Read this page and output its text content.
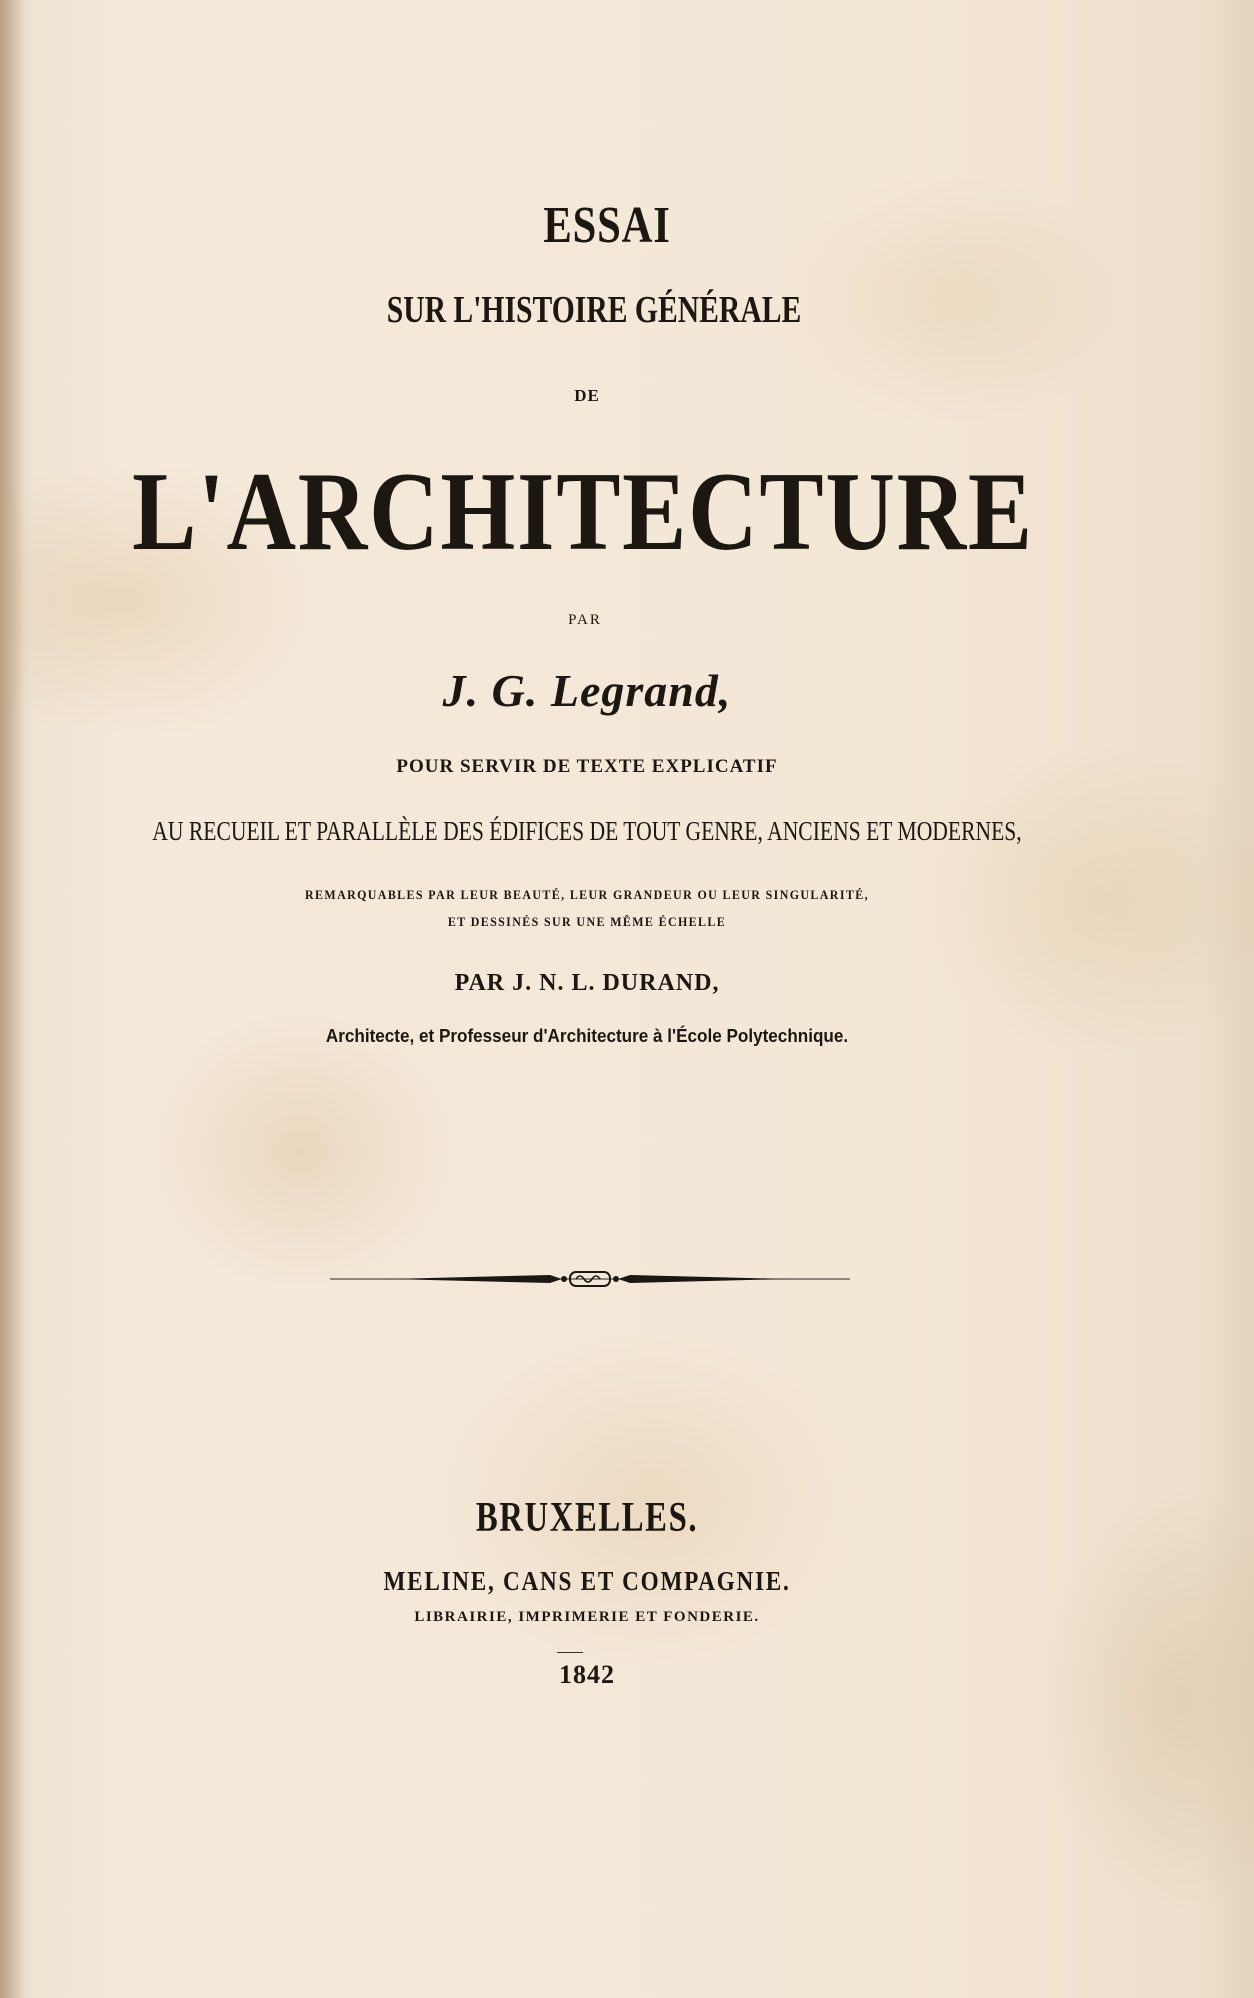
ESSAI

SUR L'HISTOIRE GÉNÉRALE

DE

L'ARCHITECTURE

PAR

J. G. Legrand,

POUR SERVIR DE TEXTE EXPLICATIF

AU RECUEIL ET PARALLÈLE DES ÉDIFICES DE TOUT GENRE, ANCIENS ET MODERNES,

REMARQUABLES PAR LEUR BEAUTÉ, LEUR GRANDEUR OU LEUR SINGULARITÉ,

ET DESSINÉS SUR UNE MÊME ÉCHELLE

PAR J. N. L. DURAND,

Architecte, et Professeur d'Architecture à l'École Polytechnique.

BRUXELLES.

MELINE, CANS ET COMPAGNIE.

LIBRAIRIE, IMPRIMERIE ET FONDERIE.

1842
